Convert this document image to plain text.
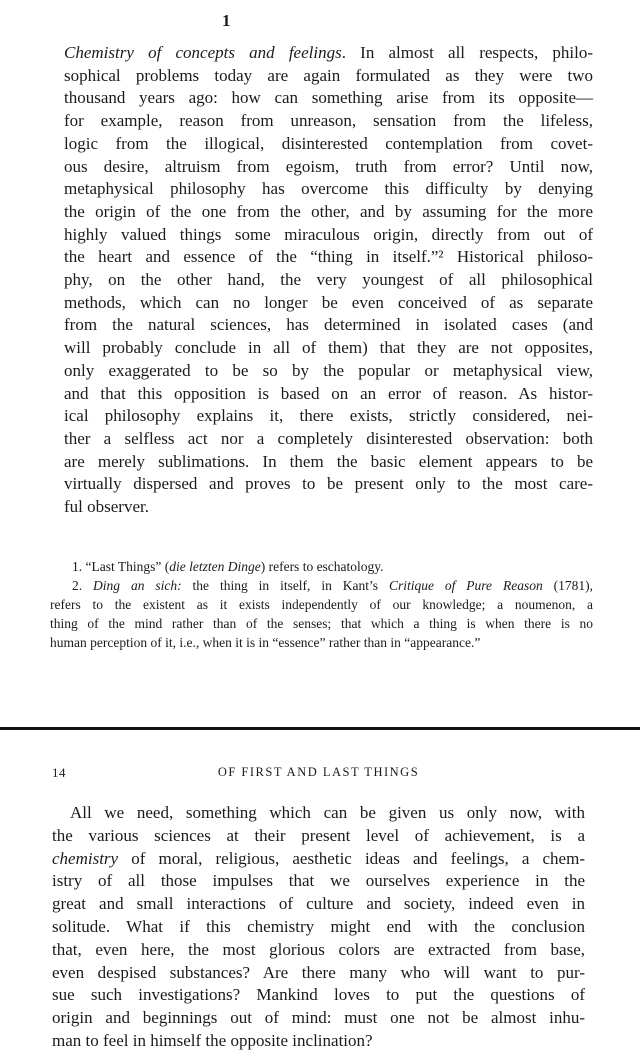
1
Chemistry of concepts and feelings. In almost all respects, philo-
sophical problems today are again formulated as they were two
thousand years ago: how can something arise from its opposite—
for example, reason from unreason, sensation from the lifeless,
logic from the illogical, disinterested contemplation from covet-
ous desire, altruism from egoism, truth from error? Until now,
metaphysical philosophy has overcome this difficulty by denying
the origin of the one from the other, and by assuming for the more
highly valued things some miraculous origin, directly from out of
the heart and essence of the “thing in itself.”² Historical philoso-
phy, on the other hand, the very youngest of all philosophical
methods, which can no longer be even conceived of as separate
from the natural sciences, has determined in isolated cases (and
will probably conclude in all of them) that they are not opposites,
only exaggerated to be so by the popular or metaphysical view,
and that this opposition is based on an error of reason. As histor-
ical philosophy explains it, there exists, strictly considered, nei-
ther a selfless act nor a completely disinterested observation: both
are merely sublimations. In them the basic element appears to be
virtually dispersed and proves to be present only to the most care-
ful observer.
1. “Last Things” (die letzten Dinge) refers to eschatology.
2. Ding an sich: the thing in itself, in Kant’s Critique of Pure Reason (1781),
refers to the existent as it exists independently of our knowledge; a noumenon, a
thing of the mind rather than of the senses; that which a thing is when there is no
human perception of it, i.e., when it is in “essence” rather than in “appearance.”
14	OF FIRST AND LAST THINGS
All we need, something which can be given us only now, with
the various sciences at their present level of achievement, is a
chemistry of moral, religious, aesthetic ideas and feelings, a chem-
istry of all those impulses that we ourselves experience in the
great and small interactions of culture and society, indeed even in
solitude. What if this chemistry might end with the conclusion
that, even here, the most glorious colors are extracted from base,
even despised substances? Are there many who will want to pur-
sue such investigations? Mankind loves to put the questions of
origin and beginnings out of mind: must one not be almost inhu-
man to feel in himself the opposite inclination?
